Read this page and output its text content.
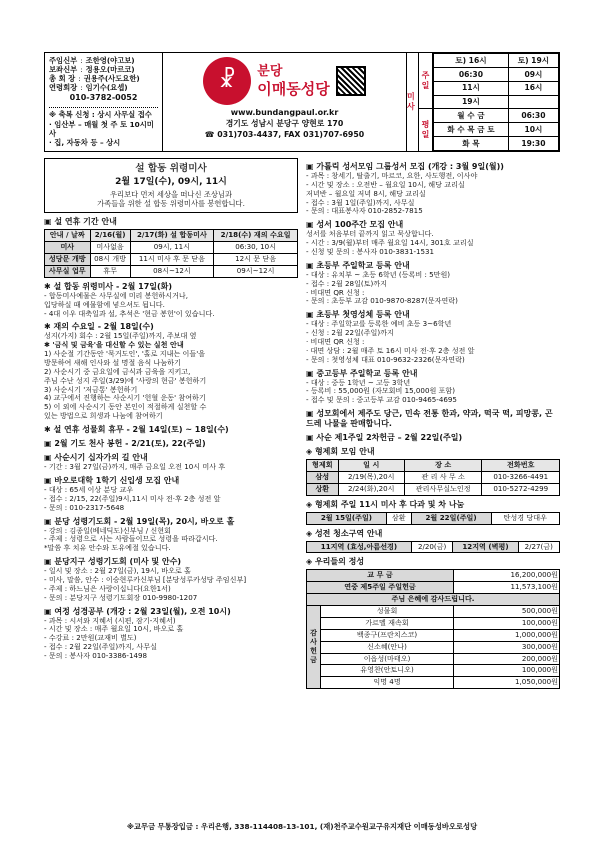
주임신부 : 조한영(야고보)
보좌신부 : 정용오(마르코)
총 회 장 : 권용주(사도요한)
연령회장 : 임기수(요셉)
010-3782-0052
※ 축복 신청 : 상시 사무실 접수
· 임산부 – 매월 첫 주 토 10시미사
· 집, 자동차 등 – 상시
☧	분당
이매동성당
www.bundangpaul.or.kr
경기도 성남시 분당구 양현로 170
☎ 031)703-4437, FAX 031)707-6950
미사
주일
평일
토) 16시	토) 19시
06:30	09시
11시	16시
19시	
월 수 금	06:30
화 수 목 금 토	10시
화 목	19:30
설 합동 위령미사
2월 17일(수), 09시, 11시
우리보다 먼저 세상을 떠나신 조상님과
가족들을 위한 설 합동 위령미사를 봉헌합니다.
▣ 설 연휴 기간 안내
안내 / 날짜	2/16(월)	2/17(화) 설 합동미사	2/18(수) 재의 수요일
미사	미사없음	09시, 11시	06:30, 10시
성당문 개방	08시 개방	11시 미사 후 문 닫음	12시 문 닫음
사무실 업무	휴무	08시~12시	09시~12시
✱ 설 합동 위령미사 - 2월 17일(화)

- 합동미사예물은 사무실에 미리 봉헌하시거나,

입당하실 때 예물함에 넣으셔도 됩니다.

- 4대 이우 대축일과 설, 추석은 '현금 봉헌'이 있습니다.

✱ 재의 수요일 - 2월 18일(수)

성지(가지) 회수 : 2월 15일(주일)까지, 주보대 옆

✱ '금식 및 금육'을 대신할 수 있는 실천 안내

1) 사순절 기간동안 '묵거도인', '홀로 지내는 이들'을

방문하여 새해 인사와 설 명절 음식 나눔하기

2) 사순시기 중 금요일에 금식과 금육을 지키고,

주님 수난 성지 주일(3/29)에 '사랑의 현금' 봉헌하기

3) 사순시기 '저금통' 봉헌하기

4) 교구에서 진행하는 사순시기 '헌혈 운동' 참여하기

5) 이 외에 사순시기 동안 본인이 적절하게 실천할 수

있는 방법으로 희생과 나눔에 참여하기

✱ 설 연휴 성물회 휴무 - 2월 14일(토) ~ 18일(수)
▣ 2월 기도 천사 봉헌 - 2/21(토), 22(주일)
▣ 사순시기 십자가의 길 안내

- 기간 : 3월 27일(금)까지, 매주 금요일 오전 10시 미사 후

▣ 바오로대학 1학기 신입생 모집 안내

- 대상 : 65세 이상 분당 교우

- 접수 : 2/15, 22(주일)9시,11시 미사 전·후 2층 성전 앞

- 문의 : 010-2317-5648

▣ 분당 성령기도회 - 2월 19일(목), 20시, 바오로 홀

- 강의 : 김종일(베네딕도)신부님 / 신현회

- 주제 : 성령으로 사는 사람들이므로 성령을 따라갑시다.

*말씀 후 치유 안수와 도유예절 있습니다.

▣ 분당지구 성령기도회 (미사 및 안수)

- 일시 및 장소 : 2월 27일(금), 19시, 바오로 홀

- 미사, 말씀, 안수 : 이승현루카신부님 [분당성루카성당 주임신부]

- 주제 : 하느님은 사랑이십니다(요한1서)

- 문의 : 분당지구 성령기도회장 010-9980-1207

▣ 여정 성경공부 (개강 : 2월 23일(월), 오전 10시)

- 과목 : 시서와 지혜서 (시편, 잠기-지혜서)

- 시간 및 장소 : 매주 월요일 10시, 바오로 홀

- 수강료 : 2만원(교재비 별도)

- 접수 : 2월 22일(주일)까지, 사무실

- 문의 : 봉사자 010-3386-1498

▣ 가톨릭 성서모임 그룹성서 모집 (개강 : 3월 9일(월))

- 과목 : 창세기, 탈출기, 마르코, 요한, 사도행전, 이사야

- 시간 및 장소 : 오전반 – 월요일 10시, 해당 교리실

저녁반 – 월요일 저녁 8시, 해당 교리실

- 접수 : 3월 1일(주일)까지, 사무실

- 문의 : 대표봉사자 010-2852-7815

▣ 성서 100주간 모집 안내

성서를 처음부터 끝까지 읽고 묵상합니다.

- 시간 : 3/9(월)부터 매주 월요일 14시, 301호 교리실

- 신청 및 문의 : 봉사자 010-3831-1531

▣ 초등부 주일학교 등록 안내

- 대상 : 유치부 ~ 초등 6학년 (등록비 : 5만원)

- 접수 : 2월 28일(토)까지

· 비대면 QR 신청 :

- 문의 : 초등부 교감 010-9870-8287(문자연락)

▣ 초등부 첫영성체 등록 안내

- 대상 : 주일학교를 등록한 예비 초등 3~6학년

- 신청 : 2월 22일(주일)까지

· 비대면 QR 신청 :

· 대면 상담 : 2월 매주 토 16시 미사 전·후 2층 성전 앞

- 문의 : 첫영성체 대표 010-9632-2326(문자연락)

▣ 중고등부 주일학교 등록 안내

- 대상 : 중등 1학년 ~ 고등 3학년

- 등록비 : 55,000원 (자모회비 15,000원 포함)

- 접수 및 문의 : 중고등부 교감 010-9465-4695

▣ 성모회에서 제주도 당근, 민속 전통 한과, 약과, 떡국 떡, 피망콩, 곤드레 나물을 판매합니다.
▣ 사순 제1주일 2차헌금 – 2월 22일(주일)
◈ 형제회 모임 안내
형제회	일 시	장 소	전화번호
삼성	2/19(목),20시	관 리 사 무 소	010-3266-4491
상환	2/24(화),20시	관리사무실노인정	010-5272-4299
◈ 형제회 주일 11시 미사 후 다과 및 차 나눔
2월 15일(주일)	삼환	2월 22일(주일)	탄성경 당대우
◈ 성전 청소구역 안내
11지역 (효성,아름선경)	2/20(금)	12지역 (벽평)	2/27(금)
◈ 우리들의 정성
교 무 금		16,200,000원
연중 제5주일 주일헌금		11,573,100원
주님 은혜에 감사드립니다.		
감사헌금	성물회	500,000원
	가르멜 재속회	100,000원
	백종구(프란치스코)	1,000,000원
	신소혜(안나)	300,000원
	이읍성(마태오)	200,000원
	유영찬(안토니오)	100,000원
	익명 4명	1,050,000원
※교무금 무통장입금 : 우리은행, 338-114408-13-101, (재)천주교수원교구유지재단 이매동성바오로성당
